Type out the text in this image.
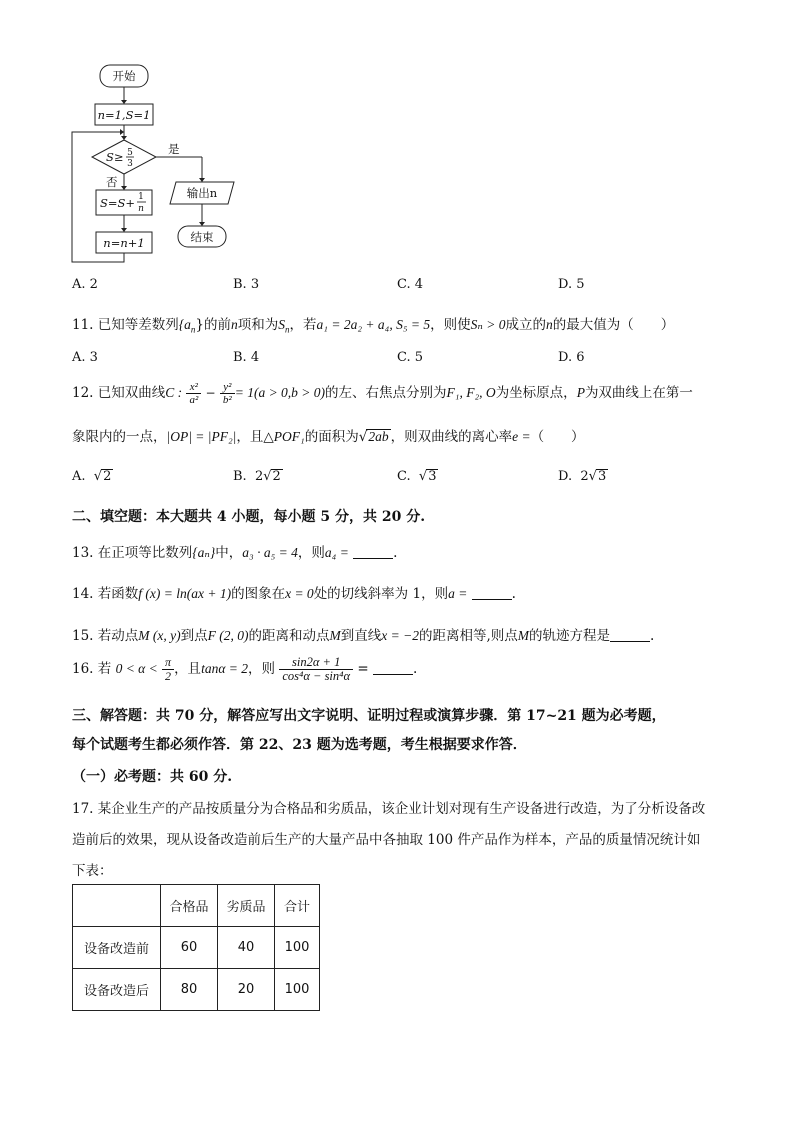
开始
n=1,S=1
S≥ 5
3
是
否
S=S+ 1
n
n=n+1
输出n
结束
A. 2	B. 3	C. 4	D. 5
11. 已知等差数列$\{a_n\}$的前n项和为$S_n$，若a₁ = 2a₂ + a₄, S₅ = 5，则使Sₙ > 0成立的n的最大值为（　　）
A. 3	B. 4	C. 5	D. 6
12. 已知双曲线C : $\frac{\text{x²}}{\text{a²}} - \frac{\text{y²}}{\text{b²}} = 1(a > 0,b > 0)$的左、右焦点分别为F₁, F₂, O为坐标原点，P为双曲线上在第一
象限内的一点，|OP| = |PF₂|，且△POF₁的面积为√2ab ，则双曲线的离心率e =（　　）
A. √2	B. 2√2	C. √3	D. 2√3
二、填空题：本大题共 4 小题，每小题 5 分，共 20 分.
13. 在正项等比数列{aₙ}中，a₃ · a₅ = 4，则a₄ =	.
14. 若函数f (x) = ln(ax + 1)的图象在x = 0处的切线斜率为 1，则a =	.
15. 若动点M (x, y)到点F (2, 0)的距离和动点M到直线x = −2的距离相等,则点M的轨迹方程是	.
16. 若 $0 < \alpha < \frac{\pi}{2}$ ，且tanα = 2，则 $\frac{\sin 2\alpha + 1}{\text{cos⁴α − sin⁴α}}$ =	.
三、解答题：共 70 分，解答应写出文字说明、证明过程或演算步骤．第 17~21 题为必考题，
每个试题考生都必须作答．第 22、23 题为选考题，考生根据要求作答．
（一）必考题：共 60 分.
17. 某企业生产的产品按质量分为合格品和劣质品，该企业计划对现有生产设备进行改造，为了分析设备改
造前后的效果，现从设备改造前后生产的大量产品中各抽取 100 件产品作为样本，产品的质量情况统计如
下表：
	合格品	劣质品	合计
设备改造前	60	40	100
设备改造后	80	20	100
